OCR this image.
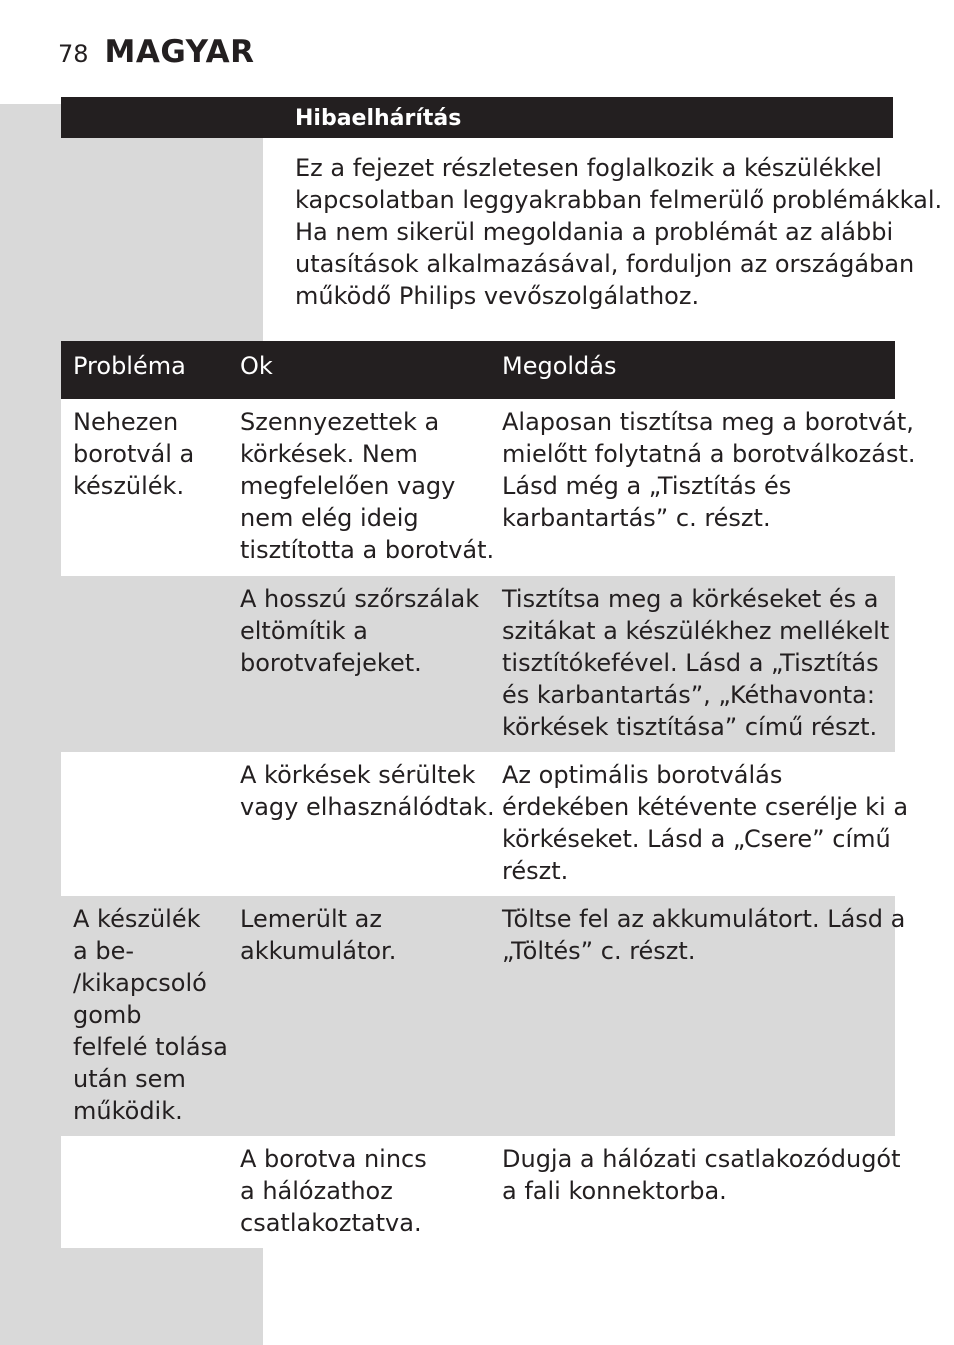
78 MAGYAR
Hibaelhárítás
Ez a fejezet részletesen foglalkozik a készülékkel
kapcsolatban leggyakrabban felmerülő problémákkal.
Ha nem sikerül megoldania a problémát az alábbi
utasítások alkalmazásával, forduljon az országában
működő Philips vevőszolgálathoz.
Probléma	Ok	Megoldás
Nehezen
borotvál a
készülék.
Szennyezettek a
körkések. Nem
megfelelően vagy
nem elég ideig
tisztította a borotvát.
Alaposan tisztítsa meg a borotvát,
mielőtt folytatná a borotválkozást.
Lásd még a „Tisztítás és
karbantartás” c. részt.
A hosszú szőrszálak
eltömítik a
borotvafejeket.
Tisztítsa meg a körkéseket és a
szitákat a készülékhez mellékelt
tisztítókefével. Lásd a „Tisztítás
és karbantartás”, „Kéthavonta:
körkések tisztítása” című részt.
A körkések sérültek
vagy elhasználódtak.
Az optimális borotválás
érdekében kétévente cserélje ki a
körkéseket. Lásd a „Csere” című
részt.
A készülék
a be-
/kikapcsoló
gomb
felfelé tolása
után sem
működik.
Lemerült az
akkumulátor.
Töltse fel az akkumulátort. Lásd a
„Töltés” c. részt.
A borotva nincs
a hálózathoz
csatlakoztatva.
Dugja a hálózati csatlakozódugót
a fali konnektorba.
